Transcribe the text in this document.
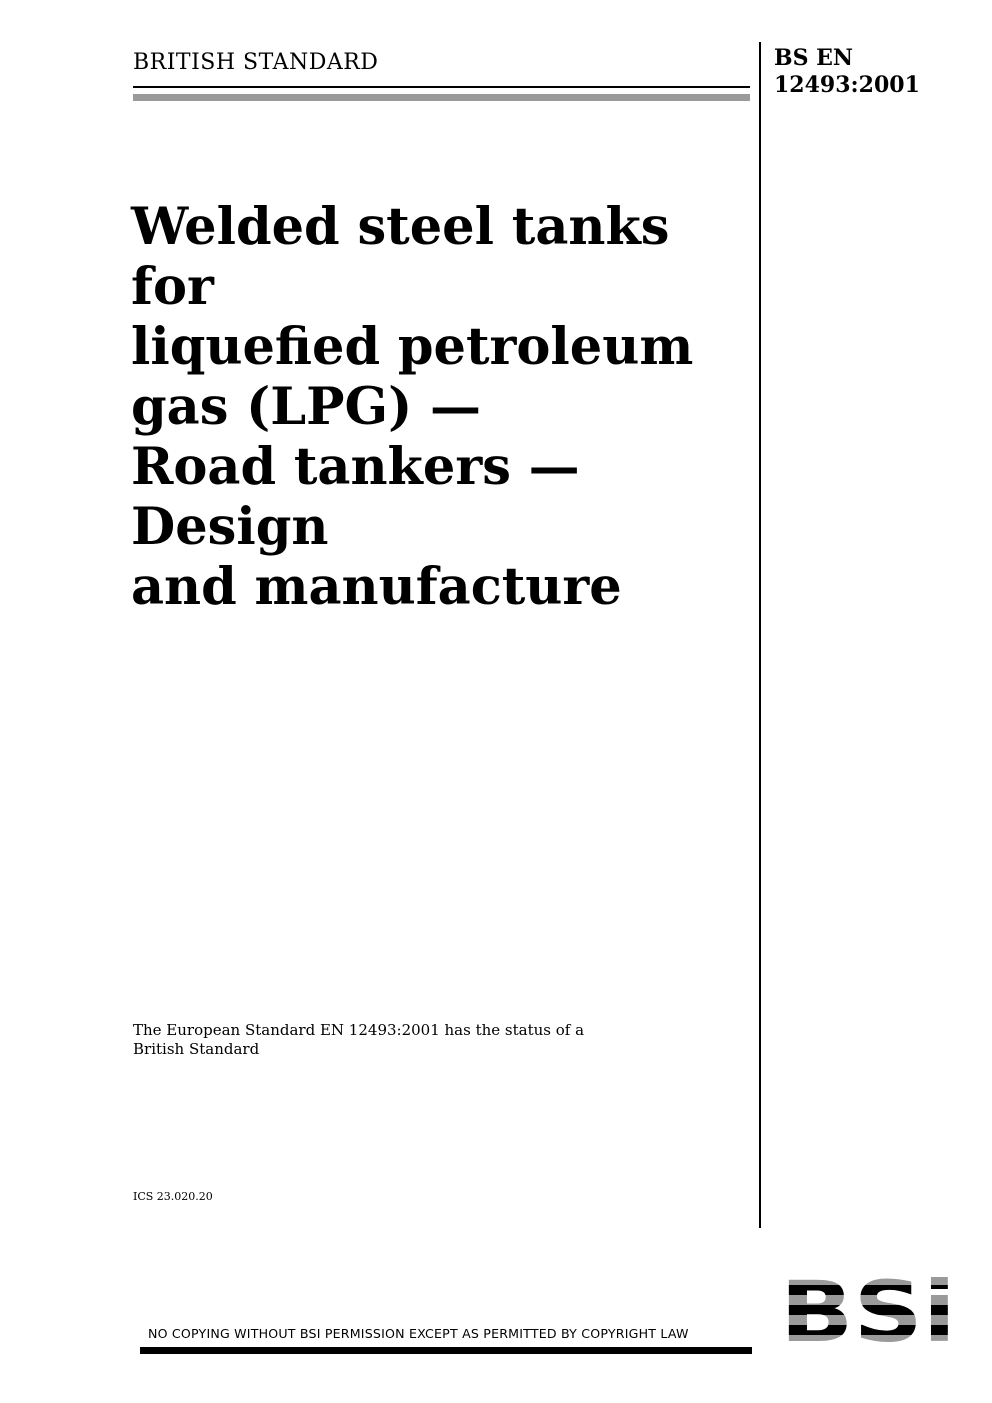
BRITISH STANDARD	BS EN
12493:2001
Welded steel tanks for
liquefied petroleum
gas (LPG) —
Road tankers — Design
and manufacture
The European Standard EN 12493:2001 has the status of a
British Standard
ICS 23.020.20
NO COPYING WITHOUT BSI PERMISSION EXCEPT AS PERMITTED BY COPYRIGHT LAW
